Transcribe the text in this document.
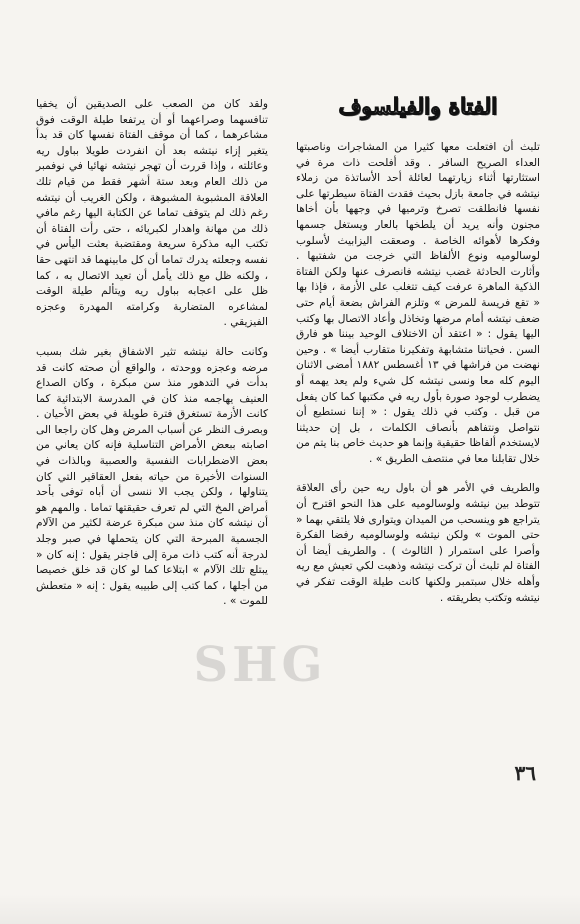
الفتاة والفيلسوف

تلبث أن افتعلت معها كثيرا من المشاجرات وناصبتها العداء الصريح السافر . وقد أفلحت ذات مرة في استثارتها أثناء زيارتهما لعائلة أحد الأساتذة من زملاء نيتشه في جامعة بازل بحيث فقدت الفتاة سيطرتها على نفسها فانطلقت تصرخ وترميها في وجهها بأن أخاها مجنون وأنه يريد أن يلطخها بالعار ويستغل جسمها وفكرها لأهوائه الخاصة . وصعقت اليزابيث لأسلوب لوسالوميه ونوع الألفاظ التي خرجت من شفتيها . وأثارت الحادثة غضب نيتشه فانصرف عنها ولكن الفتاة الذكية الماهرة عرفت كيف تتغلب على الأزمة ، فإذا بها « تقع فريسة للمرض » وتلزم الفراش بضعة أيام حتى ضعف نيتشه أمام مرضها وتخاذل وأعاد الاتصال بها وكتب اليها يقول : « اعتقد أن الاختلاف الوحيد بيننا هو فارق السن . فحياتنا متشابهة وتفكيرنا متقارب أيضا » . وحين نهضت من فراشها في ١٣ أغسطس ١٨٨٢ أمضى الاثنان اليوم كله معا ونسى نيتشه كل شيء ولم يعد يهمه أو يضطرب لوجود صورة بأول ريه في مكتبها كما كان يفعل من قبل . وكتب في ذلك يقول : « إننا نستطيع أن نتواصل ونتفاهم بأنصاف الكلمات ، بل إن حديثنا لايستخدم ألفاظا حقيقية وإنما هو حديث خاص بنا يتم من خلال تقابلنا معا في منتصف الطريق » .

والطريف في الأمر هو أن باول ريه حين رأى العلاقة تتوطد بين نيتشه ولوسالوميه على هذا النحو اقترح أن يتراجع هو وينسحب من الميدان ويتوارى فلا يلتقي بهما « حتى الموت » ولكن نيتشه ولوسالوميه رفضا الفكرة وأصرا على استمرار ( الثالوث ) . والطريف أيضا أن الفتاة لم تلبث أن تركت نيتشه وذهبت لكي تعيش مع ريه وأهله خلال سبتمبر ولكنها كانت طيلة الوقت تفكر في نيتشه وتكتب بطريقته .

ولقد كان من الصعب على الصديقين أن يخفيا تنافسهما وصراعهما أو أن يرتفعا طيلة الوقت فوق مشاعرهما ، كما أن موقف الفتاة نفسها كان قد بدأ يتغير إزاء نيتشه بعد أن انفردت طويلا بباول ريه وعائلته ، وإذا قررت أن تهجر نيتشه نهائيا في نوفمبر من ذلك العام وبعد ستة أشهر فقط من قيام تلك العلاقة المشبوبة المشبوهة ، ولكن الغريب أن نيتشه رغم ذلك لم يتوقف تماما عن الكتابة اليها رغم مافي ذلك من مهانة واهدار لكبريائه ، حتى رأت الفتاة أن تكتب اليه مذكرة سريعة ومقتضبة بعثت اليأس في نفسه وجعلته يدرك تماما أن كل مابينهما قد انتهى حقا ، ولكنه ظل مع ذلك يأمل أن تعيد الاتصال به ، كما ظل على اعجابه بباول ريه ويتألم طيلة الوقت لمشاعره المتضاربة وكرامته المهدرة وعجزه الفيزيقي .

وكانت حالة نيتشه تثير الاشفاق بغير شك بسبب مرضه وعجزه ووحدته ، والواقع أن صحته كانت قد بدأت في التدهور منذ سن مبكرة ، وكان الصداع العنيف يهاجمه منذ كان في المدرسة الابتدائية كما كانت الأزمة تستغرق فترة طويلة في بعض الأحيان . وبصرف النظر عن أسباب المرض وهل كان راجعا الى اصابته ببعض الأمراض التناسلية فإنه كان يعاني من بعض الاضطرابات النفسية والعصبية وبالذات في السنوات الأخيرة من حياته بفعل العقاقير التي كان يتناولها ، ولكن يجب الا ننسى أن أباه توفى بأحد أمراض المخ التي لم تعرف حقيقتها تماما . والمهم هو أن نيتشه كان منذ سن مبكرة عرضة لكثير من الآلام الجسمية المبرحة التي كان يتحملها في صبر وجلد لدرجة أنه كتب ذات مرة إلى فاجنر يقول : إنه كان « يبتلع تلك الآلام » ابتلاعا كما لو كان قد خلق خصيصا من أجلها ، كما كتب إلى طبيبه يقول : إنه « متعطش للموت » .

٣٦
SHG
